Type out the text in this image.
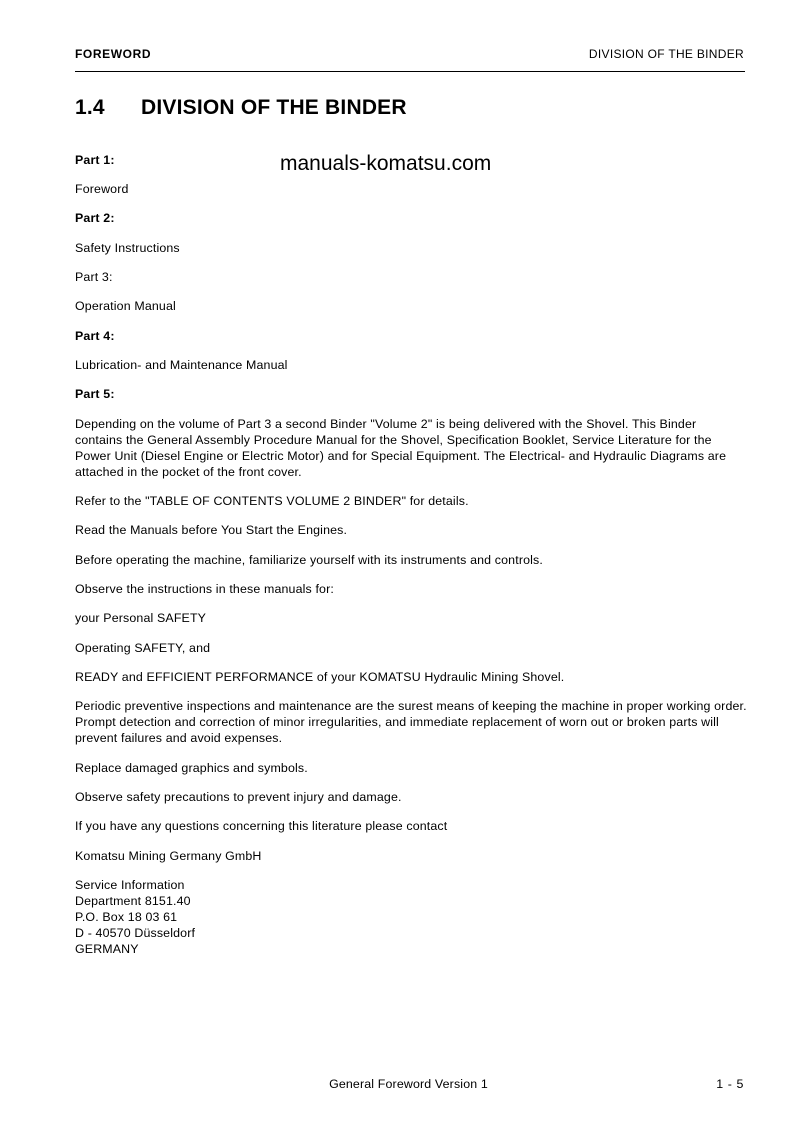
FOREWORD	DIVISION OF THE BINDER
1.4 DIVISION OF THE BINDER
manuals-komatsu.com
Part 1:
Foreword
Part 2:
Safety Instructions
Part 3:
Operation Manual
Part 4:
Lubrication- and Maintenance Manual
Part 5:
Depending on the volume of Part 3 a second Binder "Volume 2" is being delivered with the Shovel. This Binder contains the General Assembly Procedure Manual for the Shovel, Specification Booklet, Service Literature for the Power Unit (Diesel Engine or Electric Motor) and for Special Equipment. The Electrical- and Hydraulic Diagrams are attached in the pocket of the front cover.
Refer to the "TABLE OF CONTENTS VOLUME 2 BINDER" for details.
Read the Manuals before You Start the Engines.
Before operating the machine, familiarize yourself with its instruments and controls.
Observe the instructions in these manuals for:
your Personal SAFETY
Operating SAFETY, and
READY and EFFICIENT PERFORMANCE of your KOMATSU Hydraulic Mining Shovel.
Periodic preventive inspections and maintenance are the surest means of keeping the machine in proper working order. Prompt detection and correction of minor irregularities, and immediate replacement of worn out or broken parts will prevent failures and avoid expenses.
Replace damaged graphics and symbols.
Observe safety precautions to prevent injury and damage.
If you have any questions concerning this literature please contact
Komatsu Mining Germany GmbH
Service Information
Department 8151.40
P.O. Box 18 03 61
D - 40570 Düsseldorf
GERMANY
General Foreword Version 1	1 - 5
